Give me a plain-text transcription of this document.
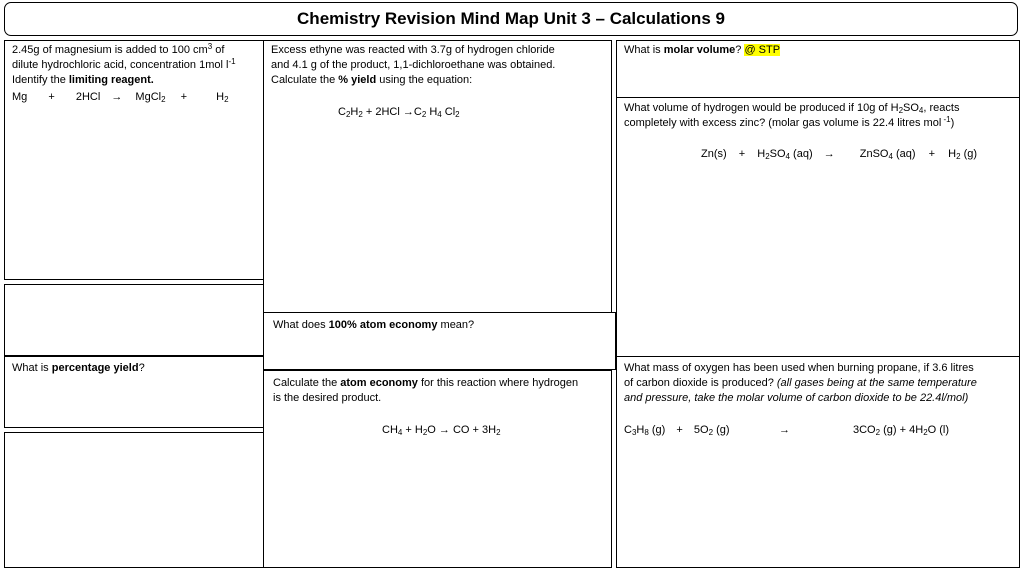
Chemistry Revision Mind Map Unit 3 – Calculations 9
2.45g of magnesium is added to 100 $cm^3$ of
dilute hydrochloric acid, concentration 1mol $l^{-1}$
Identify the limiting reagent.
Mg + 2HCl → MgCl$_2$ +	$H_2$
Excess ethyne was reacted with 3.7g of hydrogen chloride
and 4.1 g of the product, 1,1-dichloroethane was obtained.
Calculate the % yield using the equation:
$C_2H_2 + 2HCl \to C_2$ $H_4$ $Cl_2$
What is molar volume? @ STP
What volume of hydrogen would be produced if 10g of $H_2SO_4$, reacts
completely with excess zinc? (molar gas volume is 22.4 litres mol $^{-1}$)
$Zn(s) + H_2SO_4$ (aq) → ZnSO$_4$ $(aq) + H_2$ (g)
What does 100% atom economy mean?
What is percentage yield?
Calculate the atom economy for this reaction where hydrogen
is the desired product.
$CH_4 + H_2O$ → CO + $3H_2$
What mass of oxygen has been used when burning propane, if 3.6 litres
of carbon dioxide is produced? (all gases being at the same temperature
and pressure, take the molar volume of carbon dioxide to be 22.4l/mol)
$C_3H_8$ $(g) + 5O_2$ (g)	→	$3CO_2$ $(g) + 4H_2O$ (l)
